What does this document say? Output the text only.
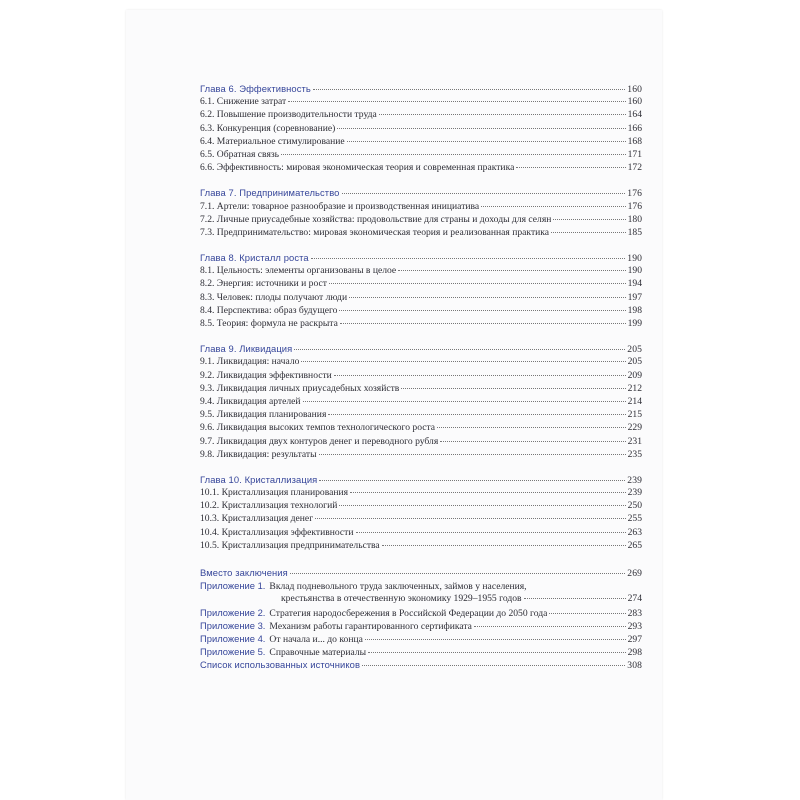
Глава 6. Эффективность	160
6.1. Снижение затрат	160
6.2. Повышение производительности труда	164
6.3. Конкуренция (соревнование)	166
6.4. Материальное стимулирование	168
6.5. Обратная связь	171
6.6. Эффективность: мировая экономическая теория и современная практика	172
Глава 7. Предпринимательство	176
7.1. Артели: товарное разнообразие и производственная инициатива	176
7.2. Личные приусадебные хозяйства: продовольствие для страны и доходы для селян	180
7.3. Предпринимательство: мировая экономическая теория и реализованная практика	185
Глава 8. Кристалл роста	190
8.1. Цельность: элементы организованы в целое	190
8.2. Энергия: источники и рост	194
8.3. Человек: плоды получают люди	197
8.4. Перспектива: образ будущего	198
8.5. Теория: формула не раскрыта	199
Глава 9. Ликвидация	205
9.1. Ликвидация: начало	205
9.2. Ликвидация эффективности	209
9.3. Ликвидация личных приусадебных хозяйств	212
9.4. Ликвидация артелей	214
9.5. Ликвидация планирования	215
9.6. Ликвидация высоких темпов технологического роста	229
9.7. Ликвидация двух контуров денег и переводного рубля	231
9.8. Ликвидация: результаты	235
Глава 10. Кристаллизация	239
10.1. Кристаллизация планирования	239
10.2. Кристаллизация технологий	250
10.3. Кристаллизация денег	255
10.4. Кристаллизация эффективности	263
10.5. Кристаллизация предпринимательства	265
Вместо заключения	269
Приложение 1. Вклад подневольного труда заключенных, займов у населения,
крестьянства в отечественную экономику 1929–1955 годов	274
Приложение 2. Стратегия народосбережения в Российской Федерации до 2050 года	283
Приложение 3. Механизм работы гарантированного сертификата	293
Приложение 4. От начала и... до конца	297
Приложение 5. Справочные материалы	298
Список использованных источников	308
